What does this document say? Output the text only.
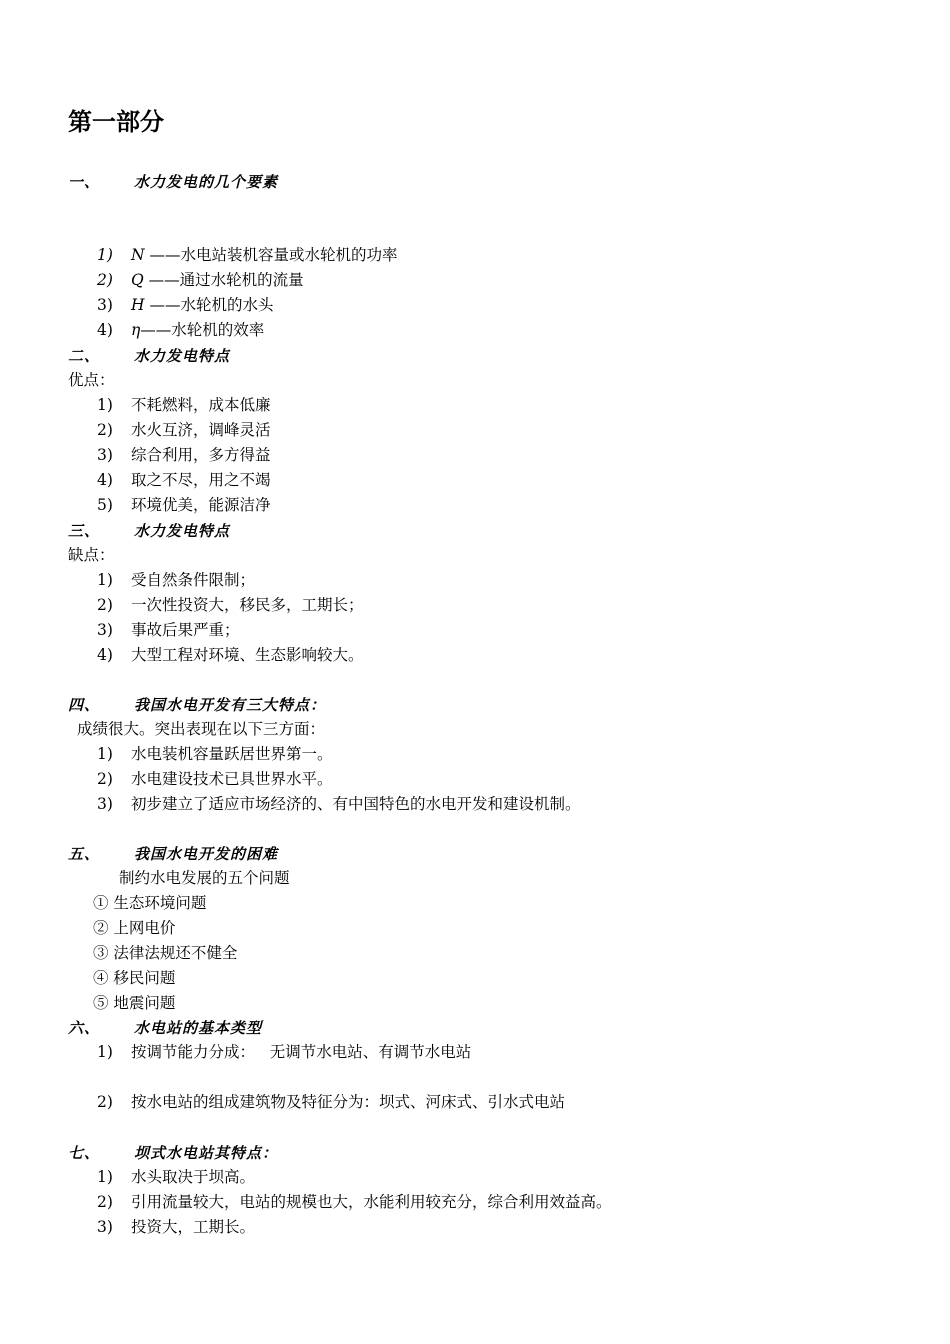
第一部分
一、 水力发电的几个要素
1) N ——水电站装机容量或水轮机的功率
2) Q ——通过水轮机的流量
3) H ——水轮机的水头
4) η——水轮机的效率
二、 水力发电特点
优点：
1) 不耗燃料，成本低廉
2) 水火互济，调峰灵活
3) 综合利用，多方得益
4) 取之不尽，用之不竭
5) 环境优美，能源洁净
三、 水力发电特点
缺点：
1) 受自然条件限制；
2) 一次性投资大，移民多，工期长；
3) 事故后果严重；
4) 大型工程对环境、生态影响较大。
四、 我国水电开发有三大特点：
成绩很大。突出表现在以下三方面：
1) 水电装机容量跃居世界第一。
2) 水电建设技术已具世界水平。
3) 初步建立了适应市场经济的、有中国特色的水电开发和建设机制。
五、 我国水电开发的困难
制约水电发展的五个问题
① 生态环境问题
② 上网电价
③ 法律法规还不健全
④ 移民问题
⑤ 地震问题
六、 水电站的基本类型
1) 按调节能力分成：   无调节水电站、有调节水电站
2) 按水电站的组成建筑物及特征分为：坝式、河床式、引水式电站
七、 坝式水电站其特点：
1) 水头取决于坝高。
2) 引用流量较大，电站的规模也大，水能利用较充分，综合利用效益高。
3) 投资大，工期长。
